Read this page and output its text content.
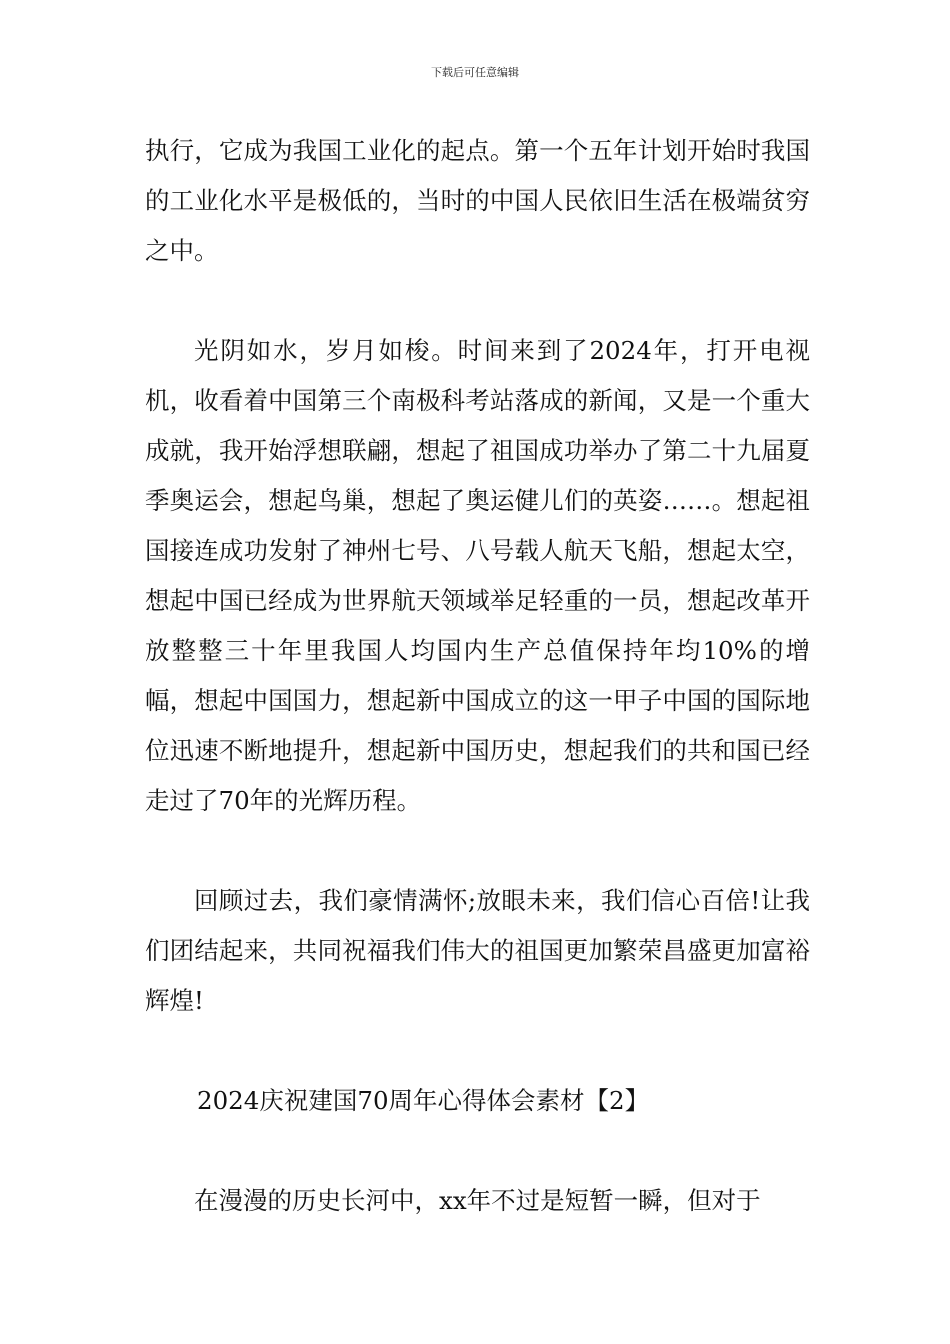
下载后可任意编辑

执行，它成为我国工业化的起点。第一个五年计划开始时我国的工业化水平是极低的，当时的中国人民依旧生活在极端贫穷之中。

光阴如水，岁月如梭。时间来到了2024年，打开电视机，收看着中国第三个南极科考站落成的新闻，又是一个重大成就，我开始浮想联翩，想起了祖国成功举办了第二十九届夏季奥运会，想起鸟巢，想起了奥运健儿们的英姿……。想起祖国接连成功发射了神州七号、八号载人航天飞船，想起太空，想起中国已经成为世界航天领域举足轻重的一员，想起改革开放整整三十年里我国人均国内生产总值保持年均10%的增幅，想起中国国力，想起新中国成立的这一甲子中国的国际地位迅速不断地提升，想起新中国历史，想起我们的共和国已经走过了70年的光辉历程。

回顾过去，我们豪情满怀;放眼未来，我们信心百倍!让我们团结起来，共同祝福我们伟大的祖国更加繁荣昌盛更加富裕辉煌!

2024庆祝建国70周年心得体会素材【2】

在漫漫的历史长河中，xx年不过是短暂一瞬，但对于
